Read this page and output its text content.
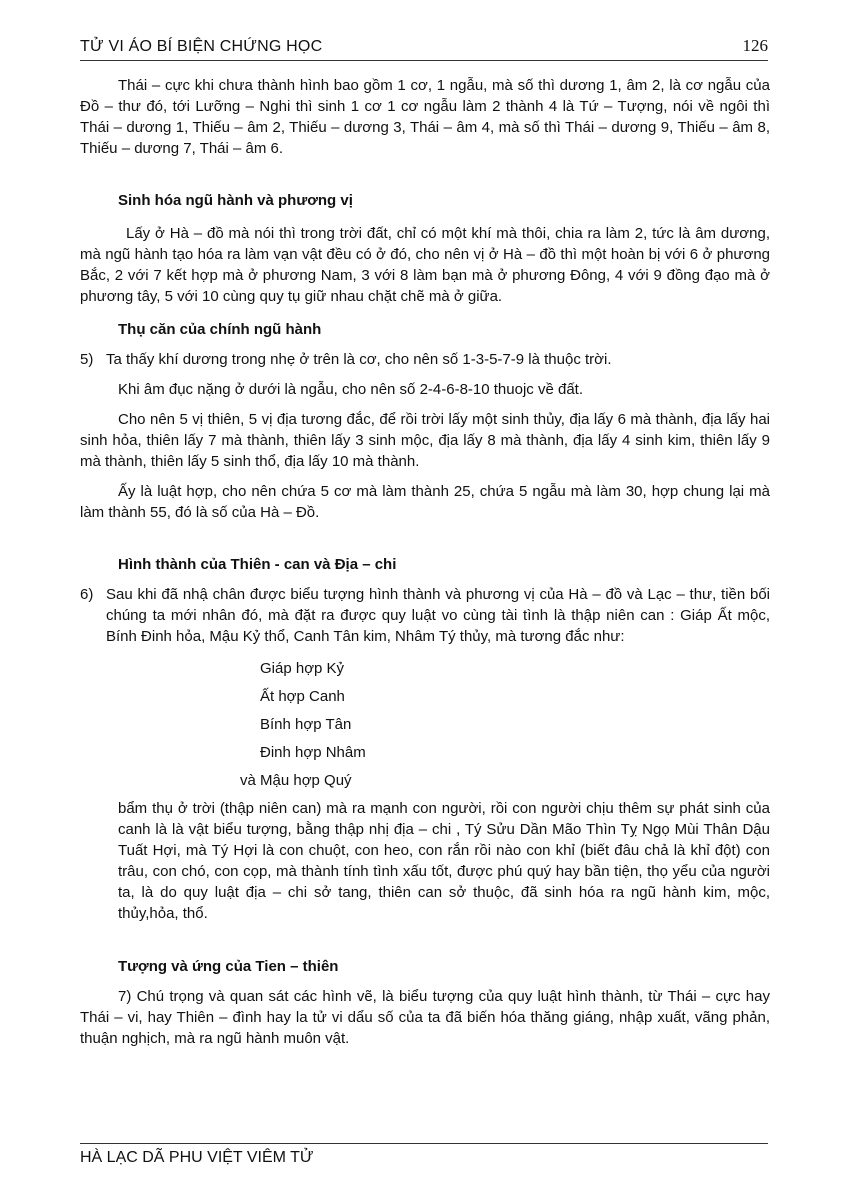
TỬ VI ÁO BÍ BIỆN CHỨNG HỌC	126

Thái – cực khi chưa thành hình bao gồm 1 cơ, 1 ngẫu, mà số thì dương 1, âm 2, là cơ ngẫu của Đồ – thư đó, tới Lưỡng – Nghi thì sinh 1 cơ 1 cơ ngẫu làm 2 thành 4 là Tứ – Tượng, nói về ngôi thì Thái – dương 1, Thiếu – âm 2, Thiếu – dương 3, Thái – âm 4, mà số thì Thái – dương 9, Thiếu – âm 8, Thiếu – dương 7, Thái – âm 6.

Sinh hóa ngũ hành và phương vị

Lấy ở Hà – đồ mà nói thì trong trời đất, chỉ có một khí mà thôi, chia ra làm 2, tức là âm dương, mà ngũ hành tạo hóa ra làm vạn vật đều có ở đó, cho nên vị ở Hà – đồ thì một hoàn bị với 6 ở phương Bắc, 2 với 7 kết hợp mà ở phương Nam, 3 với 8 làm bạn mà ở phương Đông, 4 với 9 đồng đạo mà ở phương tây, 5 với 10 cùng quy tụ giữ nhau chặt chẽ mà ở giữa.

Thụ căn của chính ngũ hành

5) Ta thấy khí dương trong nhẹ ở trên là cơ, cho nên số 1-3-5-7-9 là thuộc trời.

Khi âm đục nặng ở dưới là ngẫu, cho nên số 2-4-6-8-10 thuojc về đất.

Cho nên 5 vị thiên, 5 vị địa tương đắc, để rồi trời lấy một sinh thủy, địa lấy 6 mà thành, địa lấy hai sinh hỏa, thiên lấy 7 mà thành, thiên lấy 3 sinh mộc, địa lấy 8 mà thành, địa lấy 4 sinh kim, thiên lấy 9 mà thành, thiên lấy 5 sinh thổ, địa lấy 10 mà thành.

Ấy là luật hợp, cho nên chứa 5 cơ mà làm thành 25, chứa 5 ngẫu mà làm 30, hợp chung lại mà làm thành 55, đó là số của Hà – Đồ.

Hình thành của Thiên - can và Địa – chi

6) Sau khi đã nhậ chân được biểu tượng hình thành và phương vị của Hà – đồ và Lạc – thư, tiền bối chúng ta mới nhân đó, mà đặt ra được quy luật vo cùng tài tình là thập niên can : Giáp Ất mộc, Bính Đinh hỏa, Mậu Kỷ thổ, Canh Tân kim, Nhâm Tý thủy, mà tương đắc như:

Giáp hợp Kỷ
Ất hợp Canh
Bính hợp Tân
Đinh hợp Nhâm
và Mậu hợp Quý

bẩm thụ ở trời (thập niên can) mà ra mạnh con người, rồi con người chịu thêm sự phát sinh của canh là là vật biểu tượng, bằng thập nhị địa – chi , Tý Sửu Dần Mão Thìn Tỵ Ngọ Mùi Thân Dậu Tuất Hợi, mà Tý Hợi là con chuột, con heo, con rắn rồi nào con khỉ (biết đâu chả là khỉ đột) con trâu, con chó, con cọp, mà thành tính tình xấu tốt, được phú quý hay bần tiện, thọ yểu của người ta, là do quy luật địa – chi sở tang, thiên can sở thuộc, đã sinh hóa ra ngũ hành kim, mộc, thủy,hỏa, thổ.

Tượng và ứng của Tien – thiên

7) Chú trọng và quan sát các hình vẽ, là biểu tượng của quy luật hình thành, từ Thái – cực hay Thái – vi, hay Thiên – đình hay la tử vi dẩu số của ta đã biến hóa thăng giáng, nhập xuất, vãng phản, thuận nghịch, mà ra ngũ hành muôn vật.

HÀ LẠC DÃ PHU VIỆT VIÊM TỬ
